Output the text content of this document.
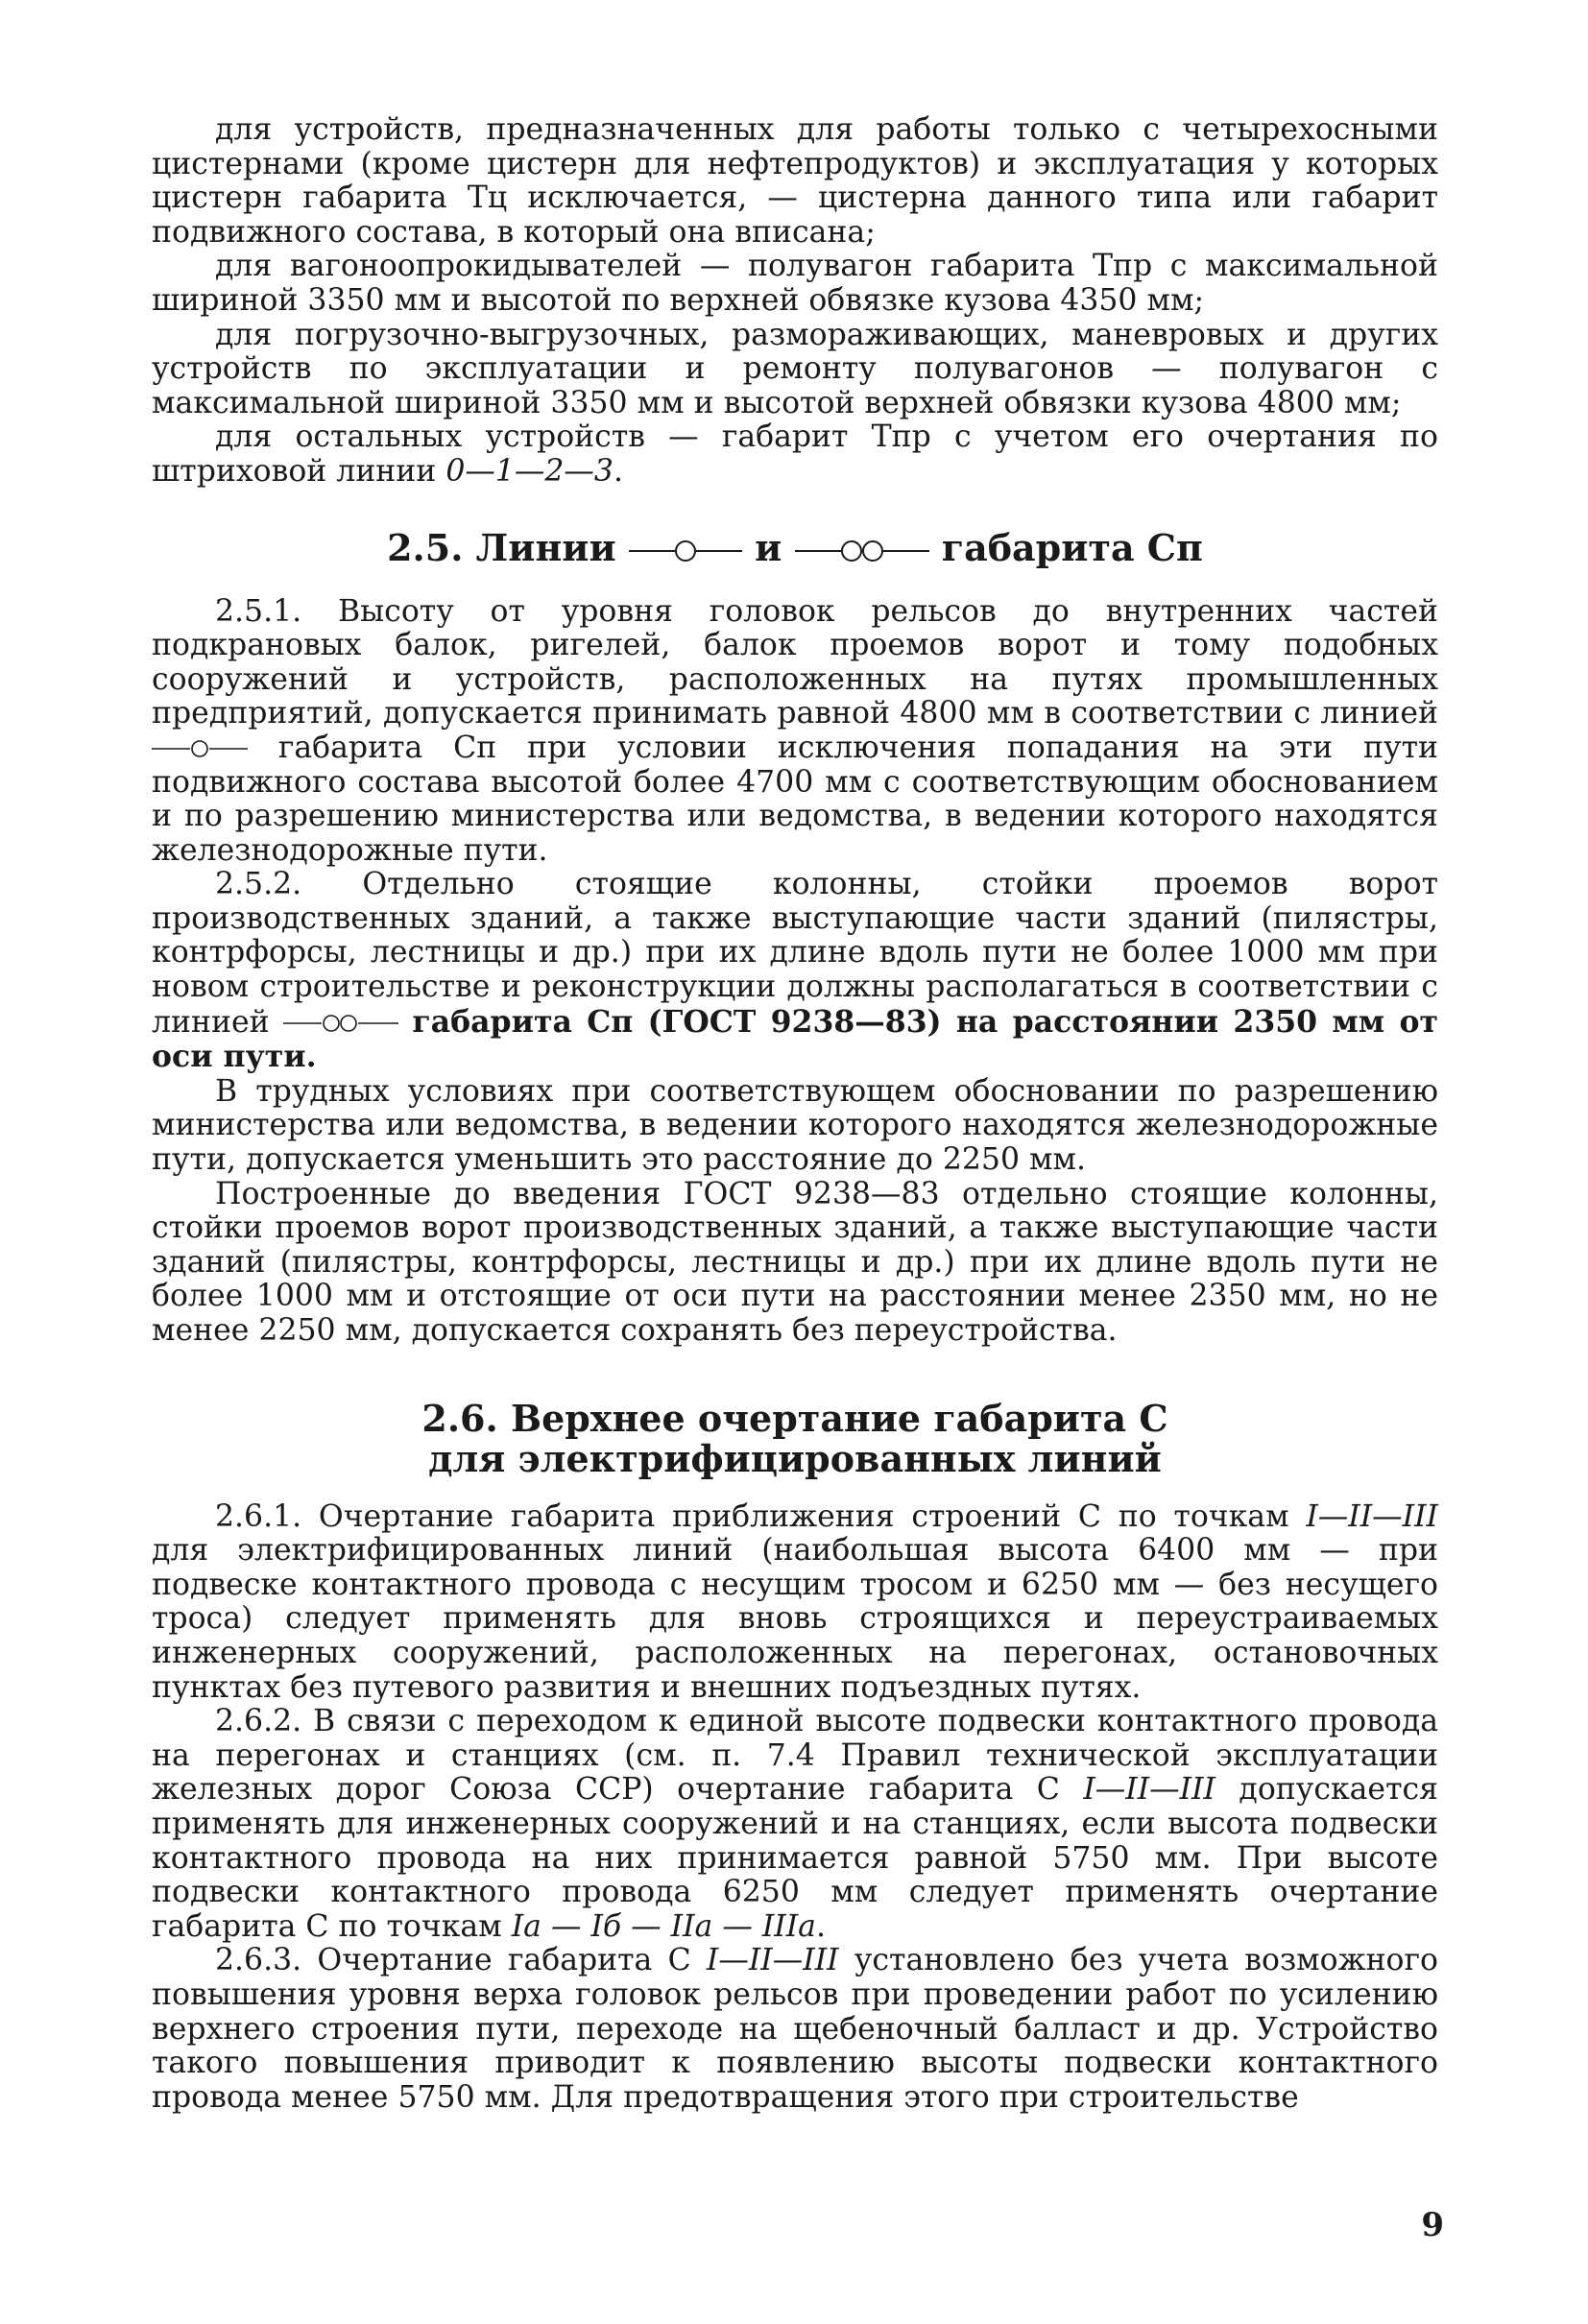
для устройств, предназначенных для работы только с четырехосными цистернами (кроме цистерн для нефтепродуктов) и эксплуатация у которых цистерн габарита Тц исключается, — цистерна данного типа или габарит подвижного состава, в который она вписана;

для вагоноопрокидывателей — полувагон габарита Тпр с максимальной шириной 3350 мм и высотой по верхней обвязке кузова 4350 мм;

для погрузочно-выгрузочных, размораживающих, маневровых и других устройств по эксплуатации и ремонту полувагонов — полувагон с максимальной шириной 3350 мм и высотой верхней обвязки кузова 4800 мм;

для остальных устройств — габарит Тпр с учетом его очертания по штриховой линии 0—1—2—3.

2.5. Линии	и	габарита Сп

2.5.1. Высоту от уровня головок рельсов до внутренних частей подкрановых балок, ригелей, балок проемов ворот и тому подобных сооружений и устройств, расположенных на путях промышленных предприятий, допускается принимать равной 4800 мм в соответствии с линией  габарита Сп при условии исключения попадания на эти пути подвижного состава высотой более 4700 мм с соответствующим обоснованием и по разрешению министерства или ведомства, в ведении которого находятся железнодорожные пути.

2.5.2. Отдельно стоящие колонны, стойки проемов ворот производственных зданий, а также выступающие части зданий (пилястры, контрфорсы, лестницы и др.) при их длине вдоль пути не более 1000 мм при новом строительстве и реконструкции должны располагаться в соответствии с линией	габарита Сп (ГОСТ 9238—83) на расстоянии 2350 мм от оси пути.

В трудных условиях при соответствующем обосновании по разрешению министерства или ведомства, в ведении которого находятся железнодорожные пути, допускается уменьшить это расстояние до 2250 мм.

Построенные до введения ГОСТ 9238—83 отдельно стоящие колонны, стойки проемов ворот производственных зданий, а также выступающие части зданий (пилястры, контрфорсы, лестницы и др.) при их длине вдоль пути не более 1000 мм и отстоящие от оси пути на расстоянии менее 2350 мм, но не менее 2250 мм, допускается сохранять без переустройства.

2.6. Верхнее очертание габарита С
для электрифицированных линий

2.6.1. Очертание габарита приближения строений С по точкам I—II—III для электрифицированных линий (наибольшая высота 6400 мм — при подвеске контактного провода с несущим тросом и 6250 мм — без несущего троса) следует применять для вновь строящихся и переустраиваемых инженерных сооружений, расположенных на перегонах, остановочных пунктах без путевого развития и внешних подъездных путях.

2.6.2. В связи с переходом к единой высоте подвески контактного провода на перегонах и станциях (см. п. 7.4 Правил технической эксплуатации железных дорог Союза ССР) очертание габарита С I—II—III допускается применять для инженерных сооружений и на станциях, если высота подвески контактного провода на них принимается равной 5750 мм. При высоте подвески контактного провода 6250 мм следует применять очертание габарита С по точкам Iа — Iб — IIа — IIIа.

2.6.3. Очертание габарита С I—II—III установлено без учета возможного повышения уровня верха головок рельсов при проведении работ по усилению верхнего строения пути, переходе на щебеночный балласт и др. Устройство такого повышения приводит к появлению высоты подвески контактного провода менее 5750 мм. Для предотвращения этого при строительстве

9
